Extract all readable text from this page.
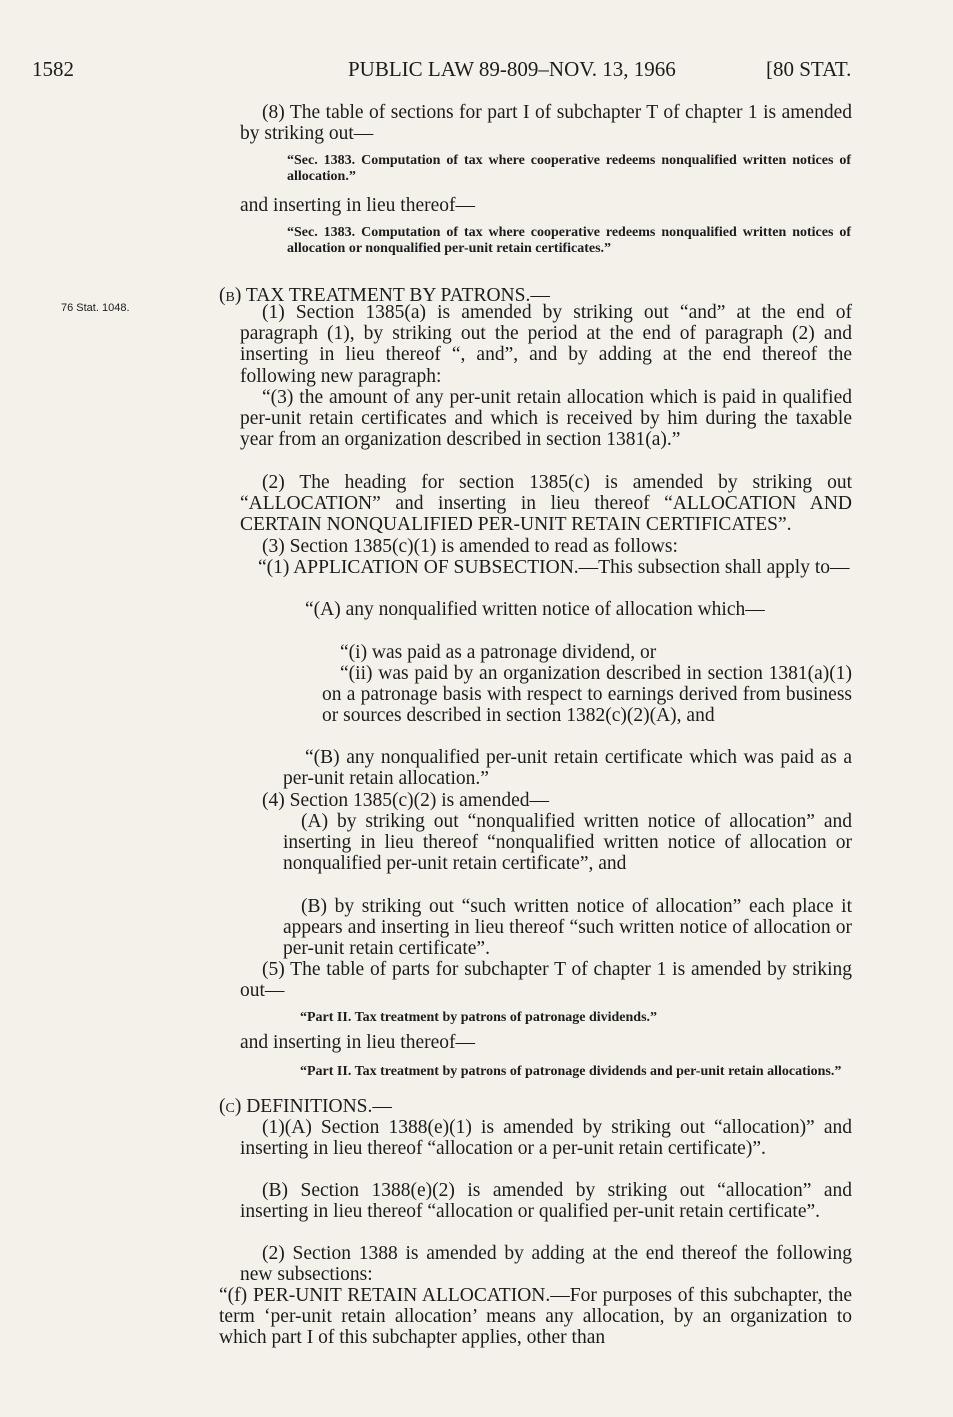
1582	PUBLIC LAW 89-809–NOV. 13, 1966	[80 STAT.
76 Stat. 1048.
(8) The table of sections for part I of subchapter T of chapter 1 is amended by striking out—
“Sec. 1383. Computation of tax where cooperative redeems nonqualified written notices of allocation.”
and inserting in lieu thereof—
“Sec. 1383. Computation of tax where cooperative redeems nonqualified written notices of allocation or nonqualified per-unit retain certificates.”
(b) TAX TREATMENT BY PATRONS.—
(1) Section 1385(a) is amended by striking out “and” at the end of paragraph (1), by striking out the period at the end of paragraph (2) and inserting in lieu thereof “, and”, and by adding at the end thereof the following new paragraph:
“(3) the amount of any per-unit retain allocation which is paid in qualified per-unit retain certificates and which is received by him during the taxable year from an organization described in section 1381(a).”
(2) The heading for section 1385(c) is amended by striking out “ALLOCATION” and inserting in lieu thereof “ALLOCATION AND CERTAIN NONQUALIFIED PER-UNIT RETAIN CERTIFICATES”.
(3) Section 1385(c)(1) is amended to read as follows:
“(1) APPLICATION OF SUBSECTION.—This subsection shall apply to—
“(A) any nonqualified written notice of allocation which—
“(i) was paid as a patronage dividend, or
“(ii) was paid by an organization described in section 1381(a)(1) on a patronage basis with respect to earnings derived from business or sources described in section 1382(c)(2)(A), and
“(B) any nonqualified per-unit retain certificate which was paid as a per-unit retain allocation.”
(4) Section 1385(c)(2) is amended—
(A) by striking out “nonqualified written notice of allocation” and inserting in lieu thereof “nonqualified written notice of allocation or nonqualified per-unit retain certificate”, and
(B) by striking out “such written notice of allocation” each place it appears and inserting in lieu thereof “such written notice of allocation or per-unit retain certificate”.
(5) The table of parts for subchapter T of chapter 1 is amended by striking out—
“Part II. Tax treatment by patrons of patronage dividends.”
and inserting in lieu thereof—
“Part II. Tax treatment by patrons of patronage dividends and per-unit retain allocations.”
(c) DEFINITIONS.—
(1)(A) Section 1388(e)(1) is amended by striking out “allocation)” and inserting in lieu thereof “allocation or a per-unit retain certificate)”.
(B) Section 1388(e)(2) is amended by striking out “allocation” and inserting in lieu thereof “allocation or qualified per-unit retain certificate”.
(2) Section 1388 is amended by adding at the end thereof the following new subsections:
“(f) PER-UNIT RETAIN ALLOCATION.—For purposes of this subchapter, the term ‘per-unit retain allocation’ means any allocation, by an organization to which part I of this subchapter applies, other than
